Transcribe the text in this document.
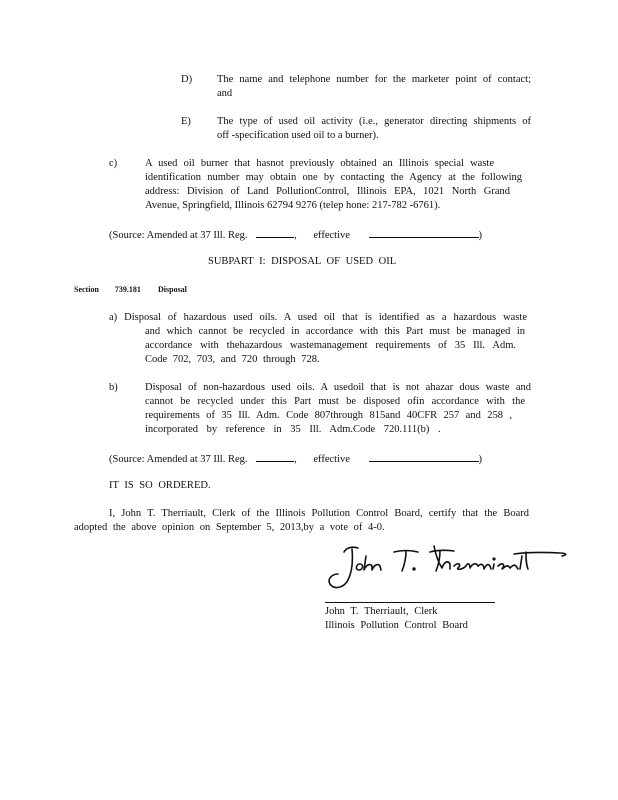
D) The name and telephone number for the marketer point of contact;
and
E) The type of used oil activity (i.e., generator directing shipments of
off -specification used oil to a burner).
c)	A used oil burner that hasnot previously obtained an Illinois special waste
identification number may obtain one by contacting the Agency at the following
address: Division of Land PollutionControl, Illinois EPA, 1021 North Grand
Avenue, Springfield, Illinois 62794 9276 (telep hone: 217-782 -6761).
(Source: Amended at 37 Ill. Reg.	, effective	)
SUBPART I: DISPOSAL OF USED OIL
Section 739.181 Disposal
a) Disposal of hazardous used oils. A used oil that is identified as a hazardous waste
and which cannot be recycled in accordance with this Part must be managed in
accordance with thehazardous wastemanagement requirements of 35 Ill. Adm.
Code 702, 703, and 720 through 728.
b)	Disposal of non-hazardous used oils. A usedoil that is not ahazar dous waste and
cannot be recycled under this Part must be disposed ofin accordance with the
requirements of 35 Ill. Adm. Code 807through 815and 40CFR 257 and 258 ,
incorporated by reference in 35 Ill. Adm.Code 720.111(b) .
(Source: Amended at 37 Ill. Reg.	, effective	)
IT IS SO ORDERED.
I, John T. Therriault, Clerk of the Illinois Pollution Control Board, certify that the Board
adopted the above opinion on September 5, 2013,by a vote of 4-0.
John T. Therriault, Clerk
Illinois Pollution Control Board
